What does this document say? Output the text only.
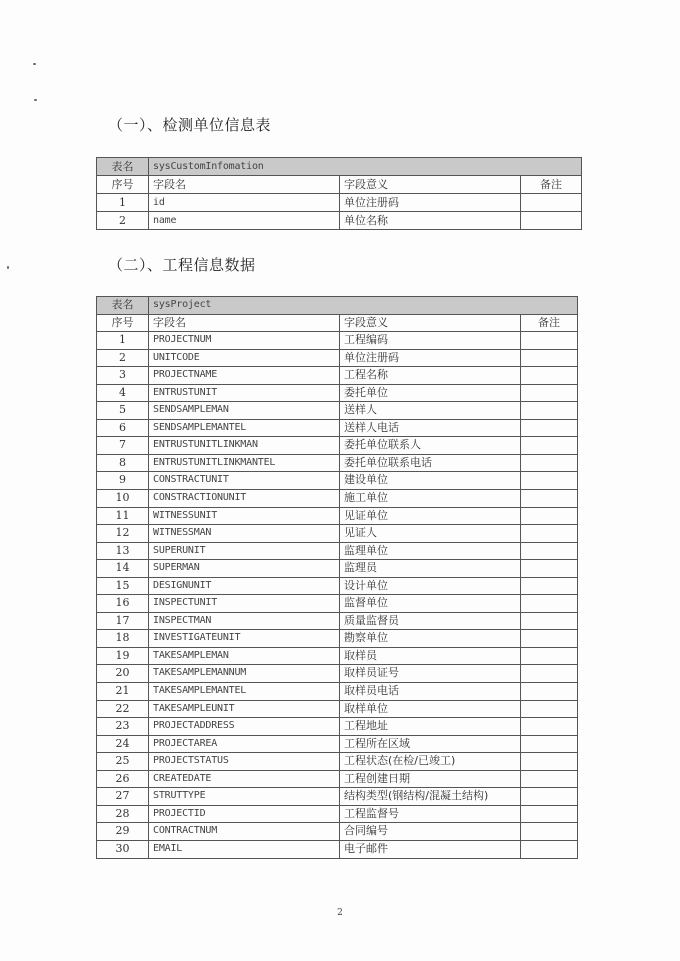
（一）、检测单位信息表
表名	sysCustomInfomation		
序号	字段名	字段意义	备注
1	id	单位注册码	
2	name	单位名称	
（二）、工程信息数据
表名	sysProject		
序号	字段名	字段意义	备注
1	PROJECTNUM	工程编码	
2	UNITCODE	单位注册码	
3	PROJECTNAME	工程名称	
4	ENTRUSTUNIT	委托单位	
5	SENDSAMPLEMAN	送样人	
6	SENDSAMPLEMANTEL	送样人电话	
7	ENTRUSTUNITLINKMAN	委托单位联系人	
8	ENTRUSTUNITLINKMANTEL	委托单位联系电话	
9	CONSTRACTUNIT	建设单位	
10	CONSTRACTIONUNIT	施工单位	
11	WITNESSUNIT	见证单位	
12	WITNESSMAN	见证人	
13	SUPERUNIT	监理单位	
14	SUPERMAN	监理员	
15	DESIGNUNIT	设计单位	
16	INSPECTUNIT	监督单位	
17	INSPECTMAN	质量监督员	
18	INVESTIGATEUNIT	勘察单位	
19	TAKESAMPLEMAN	取样员	
20	TAKESAMPLEMANNUM	取样员证号	
21	TAKESAMPLEMANTEL	取样员电话	
22	TAKESAMPLEUNIT	取样单位	
23	PROJECTADDRESS	工程地址	
24	PROJECTAREA	工程所在区域	
25	PROJECTSTATUS	工程状态(在检/已竣工)	
26	CREATEDATE	工程创建日期	
27	STRUTTYPE	结构类型(钢结构/混凝土结构)	
28	PROJECTID	工程监督号	
29	CONTRACTNUM	合同编号	
30	EMAIL	电子邮件	
2
